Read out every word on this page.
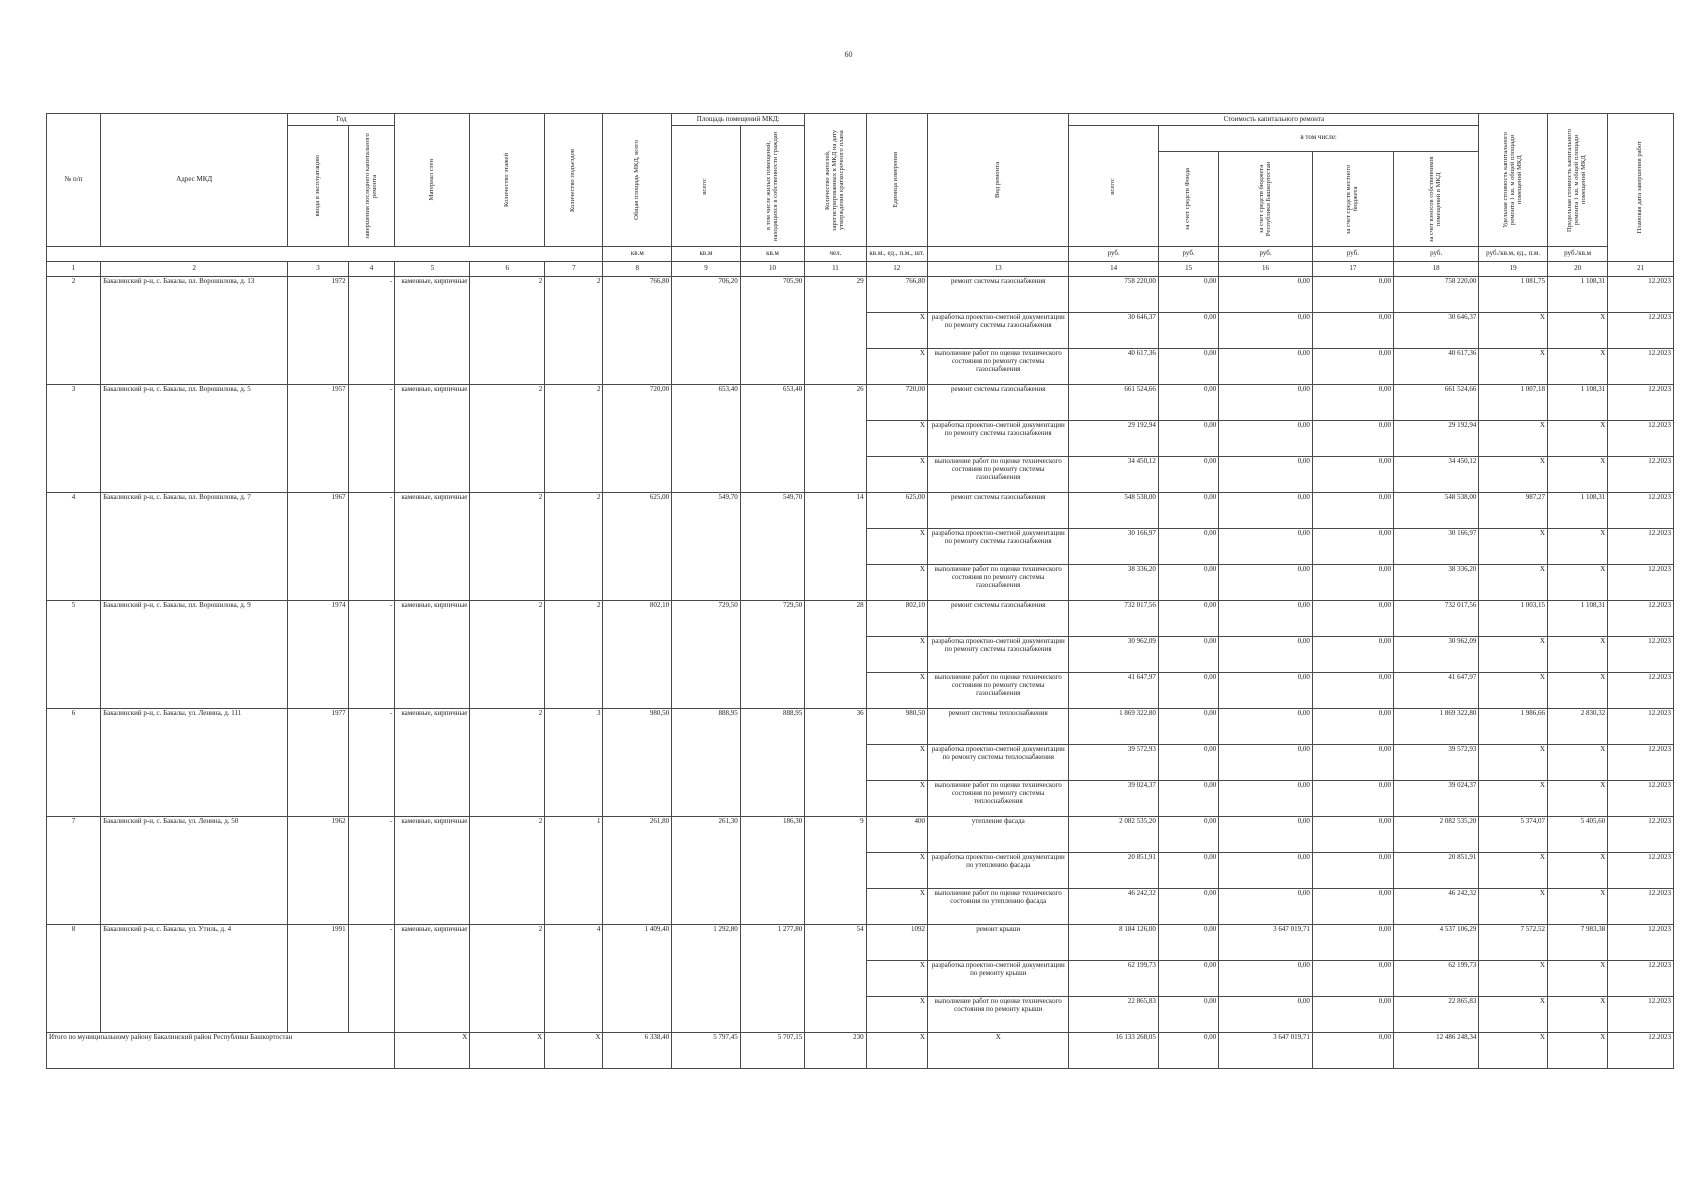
60
№ п/п	Адрес МКД	Год		Материал стен	Количество этажей	Количество подъездов	Общая площадь МКД, всего	Площадь помещений МКД:		Количество жителей, зарегистрированных в МКД на дату утверждения краткосрочного плана	Единица измерения	Вид ремонта	Стоимость капитального ремонта					Удельная стоимость капитального ремонта 1 кв. м общей площади помещений МКД	Предельная стоимость капитального ремонта 1 кв. м общей площади помещений МКД	Плановая дата завершения работ

		ввода в эксплуатацию	завершения последнего капитального ремонта					всего:	в том числе жилых помещений, находящихся в собственности граждан				всего:	в том числе:						

														за счет средств Фонда	за счет средств бюджета Республики Башкортостан	за счет средств местного бюджета	за счет взносов собственников помещений в МКД			

							кв.м	кв.м	кв.м	чел.	кв.м., ед., п.м., шт.		руб.	руб.	руб.	руб.	руб.	руб./кв.м, ед., п.м.	руб./кв.м	
1	2	3	4	5	6	7	8	9	10	11	12	13	14	15	16	17	18	19	20	21
2	Бакалинский р-н, с. Бакалы, пл. Ворошилова, д. 13	1972	-	каменные, кирпичные	2	2	766,80	706,20	705,90	29	766,80	ремонт системы газоснабжения	758 220,00	0,00	0,00	0,00	758 220,00	1 081,75	1 108,31	12.2023
											X	разработка проектно-сметной документации по ремонту системы газоснабжения	30 646,37	0,00	0,00	0,00	30 646,37	X	X	12.2023
											X	выполнение работ по оценке технического состояния по ремонту системы газоснабжения	40 617,36	0,00	0,00	0,00	40 617,36	X	X	12.2023
3	Бакалинский р-н, с. Бакалы, пл. Ворошилова, д. 5	1957	-	каменные, кирпичные	2	2	720,00	653,40	653,40	26	720,00	ремонт системы газоснабжения	661 524,66	0,00	0,00	0,00	661 524,66	1 007,18	1 108,31	12.2023
											X	разработка проектно-сметной документации по ремонту системы газоснабжения	29 192,94	0,00	0,00	0,00	29 192,94	X	X	12.2023
											X	выполнение работ по оценке технического состояния по ремонту системы газоснабжения	34 450,12	0,00	0,00	0,00	34 450,12	X	X	12.2023
4	Бакалинский р-н, с. Бакалы, пл. Ворошилова, д. 7	1967	-	каменные, кирпичные	2	2	625,00	549,70	549,70	14	625,00	ремонт системы газоснабжения	548 538,00	0,00	0,00	0,00	548 538,00	987,27	1 108,31	12.2023
											X	разработка проектно-сметной документации по ремонту системы газоснабжения	30 166,97	0,00	0,00	0,00	30 166,97	X	X	12.2023
											X	выполнение работ по оценке технического состояния по ремонту системы газоснабжения	38 336,20	0,00	0,00	0,00	38 336,20	X	X	12.2023
5	Бакалинский р-н, с. Бакалы, пл. Ворошилова, д. 9	1974	-	каменные, кирпичные	2	2	802,10	729,50	729,50	28	802,10	ремонт системы газоснабжения	732 017,56	0,00	0,00	0,00	732 017,56	1 003,15	1 108,31	12.2023
											X	разработка проектно-сметной документации по ремонту системы газоснабжения	30 962,09	0,00	0,00	0,00	30 962,09	X	X	12.2023
											X	выполнение работ по оценке технического состояния по ремонту системы газоснабжения	41 647,97	0,00	0,00	0,00	41 647,97	X	X	12.2023
6	Бакалинский р-н, с. Бакалы, ул. Ленина, д. 111	1977	-	каменные, кирпичные	2	3	980,50	888,95	888,95	36	980,50	ремонт системы теплоснабжения	1 869 322,80	0,00	0,00	0,00	1 869 322,80	1 986,66	2 830,32	12.2023
											X	разработка проектно-сметной документации по ремонту системы теплоснабжения	39 572,93	0,00	0,00	0,00	39 572,93	X	X	12.2023
											X	выполнение работ по оценке технического состояния по ремонту системы теплоснабжения	39 024,37	0,00	0,00	0,00	39 024,37	X	X	12.2023
7	Бакалинский р-н, с. Бакалы, ул. Ленина, д. 50	1962	-	каменные, кирпичные	2	1	261,80	261,30	186,30	9	400	утепление фасада	2 082 535,20	0,00	0,00	0,00	2 082 535,20	5 374,07	5 405,60	12.2023
											X	разработка проектно-сметной документации по утеплению фасада	20 851,91	0,00	0,00	0,00	20 851,91	X	X	12.2023
											X	выполнение работ по оценке технического состояния по утеплению фасада	46 242,32	0,00	0,00	0,00	46 242,32	X	X	12.2023
8	Бакалинский р-н, с. Бакалы, ул. Утиль, д. 4	1991	-	каменные, кирпичные	2	4	1 409,40	1 292,80	1 277,80	54	1092	ремонт крыши	8 184 126,00	0,00	3 647 019,71	0,00	4 537 106,29	7 572,52	7 983,38	12.2023
											X	разработка проектно-сметной документации по ремонту крыши	62 199,73	0,00	0,00	0,00	62 199,73	X	X	12.2023
											X	выполнение работ по оценке технического состояния по ремонту крыши	22 865,83	0,00	0,00	0,00	22 865,83	X	X	12.2023
Итого по муниципальному району Бакалинский район Республики Башкортостан				X	X	X	6 338,40	5 797,45	5 707,15	230	X	X	16 133 268,05	0,00	3 647 019,71	0,00	12 486 248,34	X	X	12.2023
